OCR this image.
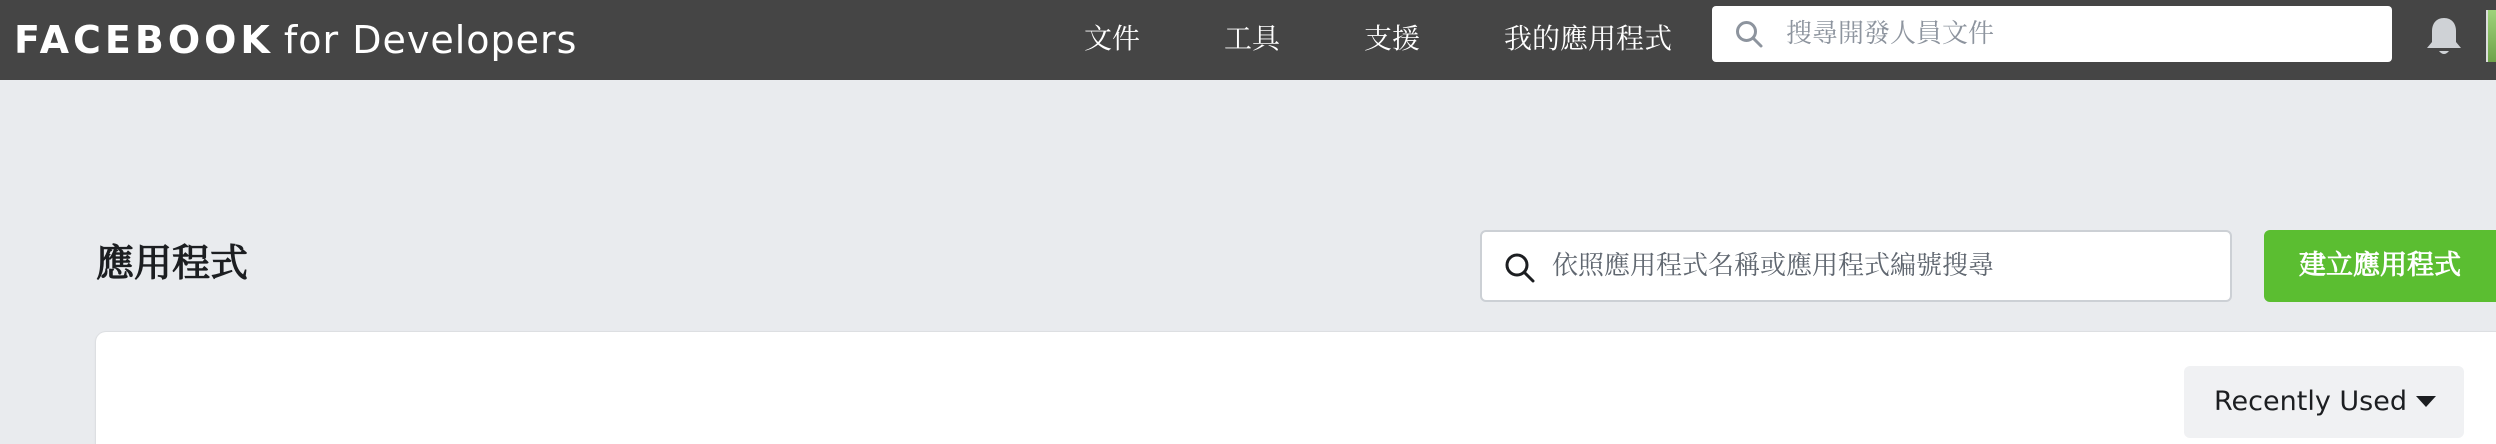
FACEBOOK for Developers	文件	工具	支援	我的應用程式
搜尋開發人員文件
應用程式
依照應用程式名稱或應用程式編號搜尋	建立應用程式
Recently Used
